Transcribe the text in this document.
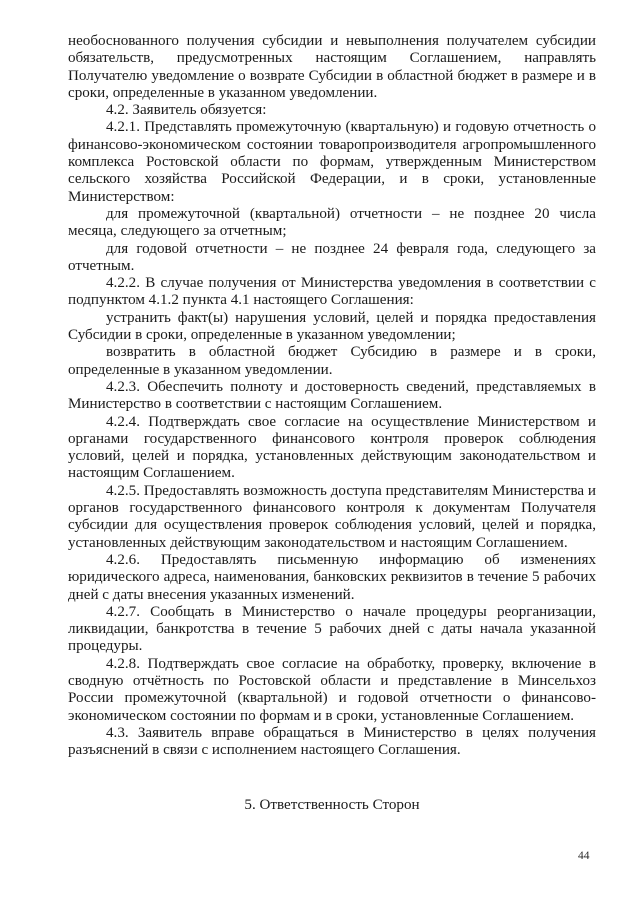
необоснованного получения субсидии и невыполнения получателем субсидии обязательств, предусмотренных настоящим Соглашением, направлять Получателю уведомление о возврате Субсидии в областной бюджет в размере и в сроки, определенные в указанном уведомлении.

4.2. Заявитель обязуется:

4.2.1. Представлять промежуточную (квартальную) и годовую отчетность о финансово-экономическом состоянии товаропроизводителя агропромышленного комплекса Ростовской области по формам, утвержденным Министерством сельского хозяйства Российской Федерации, и в сроки, установленные Министерством:

для промежуточной (квартальной) отчетности – не позднее 20 числа месяца, следующего за отчетным;

для годовой отчетности – не позднее 24 февраля года, следующего за отчетным.

4.2.2. В случае получения от Министерства уведомления в соответствии с подпунктом 4.1.2 пункта 4.1 настоящего Соглашения:

устранить факт(ы) нарушения условий, целей и порядка предоставления Субсидии в сроки, определенные в указанном уведомлении;

возвратить в областной бюджет Субсидию в размере и в сроки, определенные в указанном уведомлении.

4.2.3. Обеспечить полноту и достоверность сведений, представляемых в Министерство в соответствии с настоящим Соглашением.

4.2.4. Подтверждать свое согласие на осуществление Министерством и органами государственного финансового контроля проверок соблюдения условий, целей и порядка, установленных действующим законодательством и настоящим Соглашением.

4.2.5. Предоставлять возможность доступа представителям Министерства и органов государственного финансового контроля к документам Получателя субсидии для осуществления проверок соблюдения условий, целей и порядка, установленных действующим законодательством и настоящим Соглашением.

4.2.6. Предоставлять письменную информацию об изменениях юридического адреса, наименования, банковских реквизитов в течение 5 рабочих дней с даты внесения указанных изменений.

4.2.7. Сообщать в Министерство о начале процедуры реорганизации, ликвидации, банкротства в течение 5 рабочих дней с даты начала указанной процедуры.

4.2.8. Подтверждать свое согласие на обработку, проверку, включение в сводную отчётность по Ростовской области и представление в Минсельхоз России промежуточной (квартальной) и годовой отчетности о финансово-экономическом состоянии по формам и в сроки, установленные Соглашением.

4.3. Заявитель вправе обращаться в Министерство в целях получения разъяснений в связи с исполнением настоящего Соглашения.

5. Ответственность Сторон
44
